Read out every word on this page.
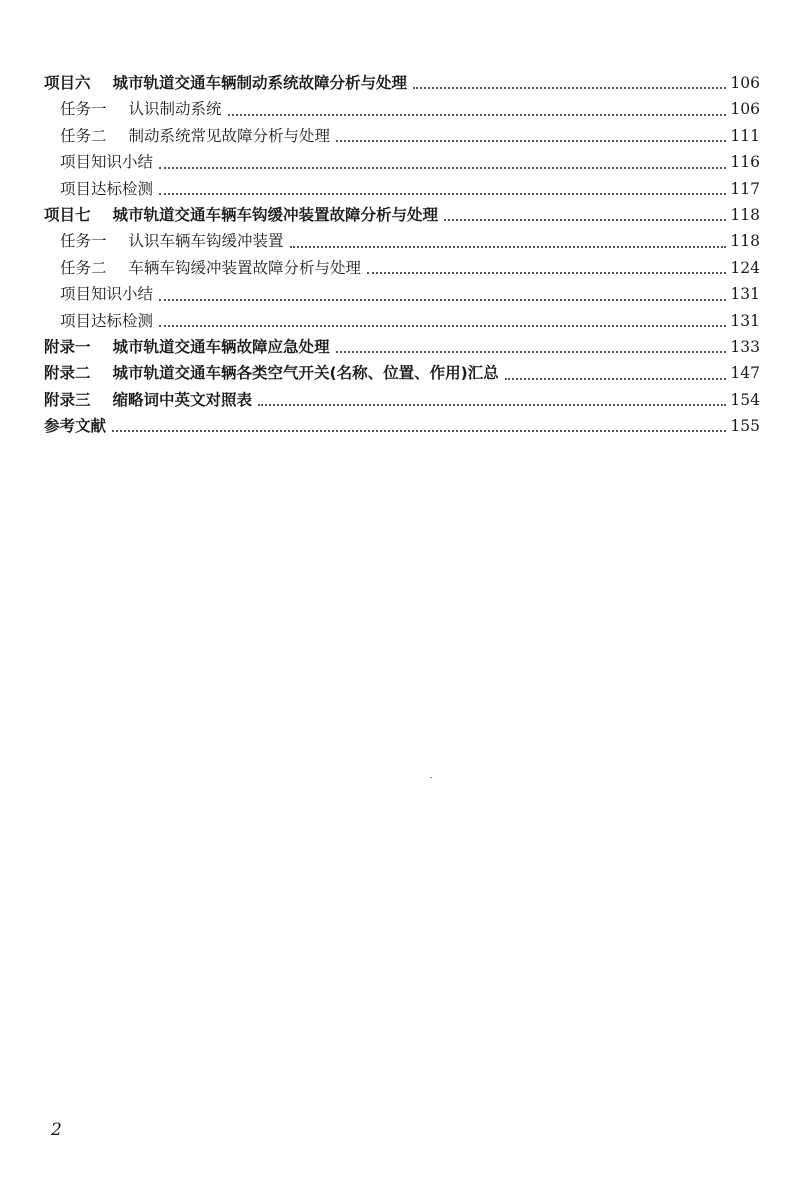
项目六 城市轨道交通车辆制动系统故障分析与处理	106
任务一 认识制动系统	106
任务二 制动系统常见故障分析与处理	111
项目知识小结	116
项目达标检测	117
项目七 城市轨道交通车辆车钩缓冲装置故障分析与处理	118
任务一 认识车辆车钩缓冲装置	118
任务二 车辆车钩缓冲装置故障分析与处理	124
项目知识小结	131
项目达标检测	131
附录一 城市轨道交通车辆故障应急处理	133
附录二 城市轨道交通车辆各类空气开关(名称、位置、作用)汇总	147
附录三 缩略词中英文对照表	154
参考文献	155
2
